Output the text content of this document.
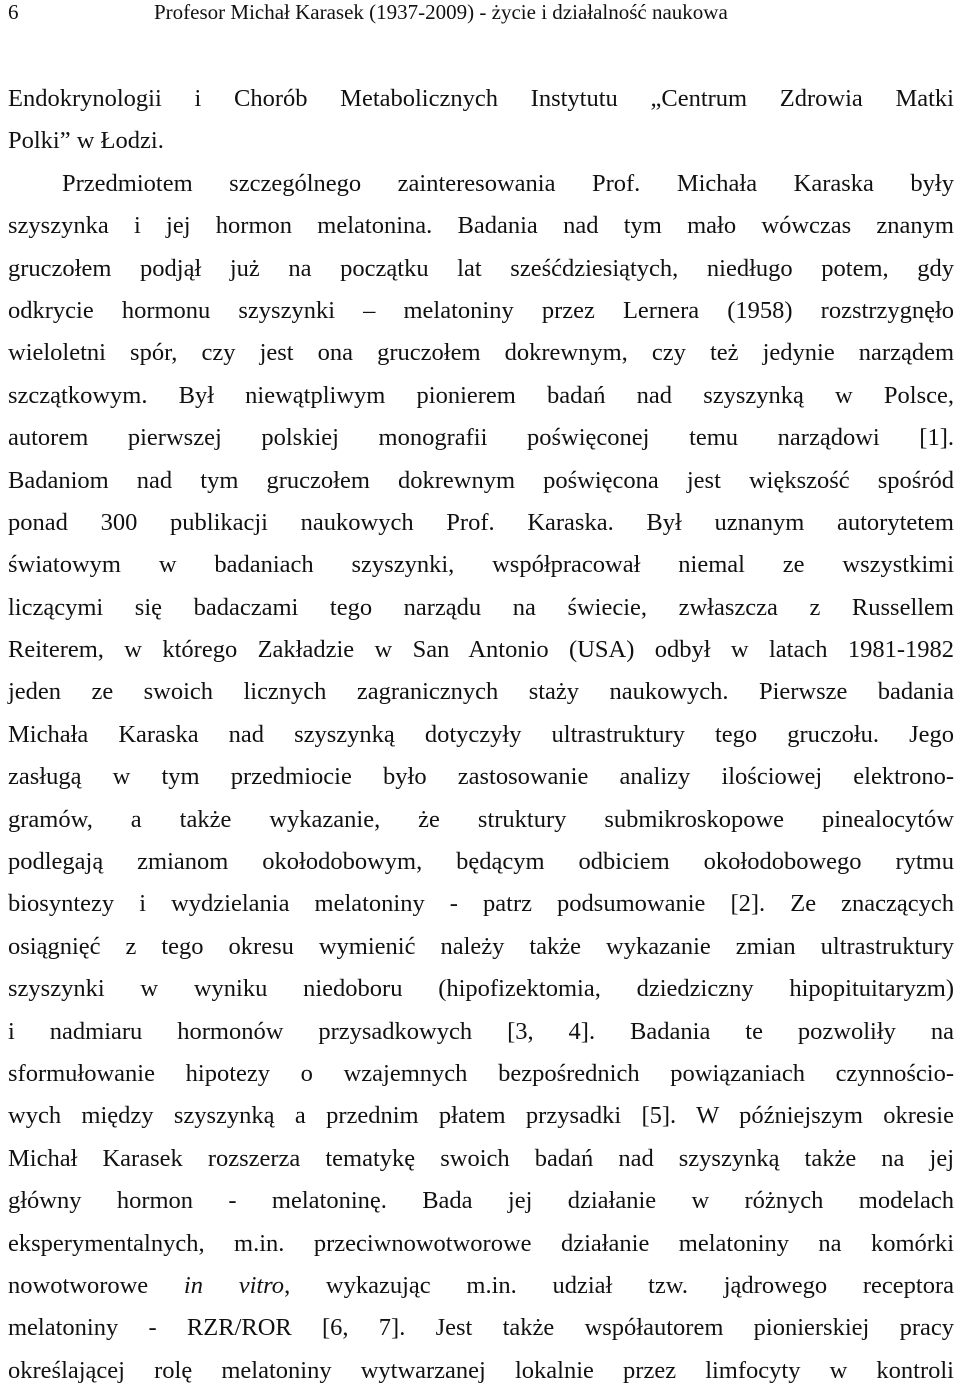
6	Profesor Michał Karasek (1937-2009) - życie i działalność naukowa
Endokrynologii i Chorób Metabolicznych Instytutu „Centrum Zdrowia Matki
Polki” w Łodzi.
Przedmiotem szczególnego zainteresowania Prof. Michała Karaska były
szyszynka i jej hormon melatonina. Badania nad tym mało wówczas znanym
gruczołem podjął już na początku lat sześćdziesiątych, niedługo potem, gdy
odkrycie hormonu szyszynki – melatoniny przez Lernera (1958) rozstrzygnęło
wieloletni spór, czy jest ona gruczołem dokrewnym, czy też jedynie narządem
szczątkowym. Był niewątpliwym pionierem badań nad szyszynką w Polsce,
autorem pierwszej polskiej monografii poświęconej temu narządowi [1].
Badaniom nad tym gruczołem dokrewnym poświęcona jest większość spośród
ponad 300 publikacji naukowych Prof. Karaska. Był uznanym autorytetem
światowym w badaniach szyszynki, współpracował niemal ze wszystkimi
liczącymi się badaczami tego narządu na świecie, zwłaszcza z Russellem
Reiterem, w którego Zakładzie w San Antonio (USA) odbył w latach 1981-1982
jeden ze swoich licznych zagranicznych staży naukowych. Pierwsze badania
Michała Karaska nad szyszynką dotyczyły ultrastruktury tego gruczołu. Jego
zasługą w tym przedmiocie było zastosowanie analizy ilościowej elektrono-
gramów, a także wykazanie, że struktury submikroskopowe pinealocytów
podlegają zmianom okołodobowym, będącym odbiciem okołodobowego rytmu
biosyntezy i wydzielania melatoniny - patrz podsumowanie [2]. Ze znaczących
osiągnięć z tego okresu wymienić należy także wykazanie zmian ultrastruktury
szyszynki w wyniku niedoboru (hipofizektomia, dziedziczny hipopituitaryzm)
i nadmiaru hormonów przysadkowych [3, 4]. Badania te pozwoliły na
sformułowanie hipotezy o wzajemnych bezpośrednich powiązaniach czynnościo-
wych między szyszynką a przednim płatem przysadki [5]. W późniejszym okresie
Michał Karasek rozszerza tematykę swoich badań nad szyszynką także na jej
główny hormon - melatoninę. Bada jej działanie w różnych modelach
eksperymentalnych, m.in. przeciwnowotworowe działanie melatoniny na komórki
nowotworowe in vitro, wykazując m.in. udział tzw. jądrowego receptora
melatoniny - RZR/ROR [6, 7]. Jest także współautorem pionierskiej pracy
określającej rolę melatoniny wytwarzanej lokalnie przez limfocyty w kontroli
